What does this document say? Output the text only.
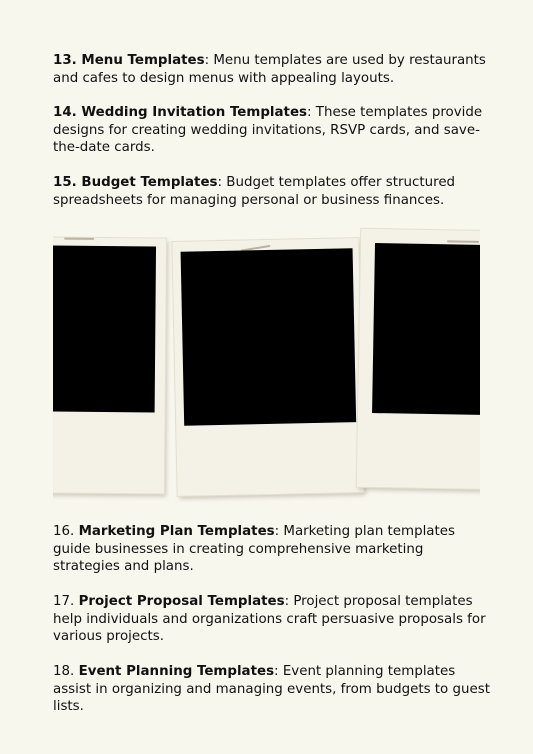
13. Menu Templates: Menu templates are used by restaurants and cafes to design menus with appealing layouts.

14. Wedding Invitation Templates: These templates provide designs for creating wedding invitations, RSVP cards, and save-the-date cards.

15. Budget Templates: Budget templates offer structured spreadsheets for managing personal or business finances.

16. Marketing Plan Templates: Marketing plan templates guide businesses in creating comprehensive marketing strategies and plans.

17. Project Proposal Templates: Project proposal templates help individuals and organizations craft persuasive proposals for various projects.

18. Event Planning Templates: Event planning templates assist in organizing and managing events, from budgets to guest lists.
